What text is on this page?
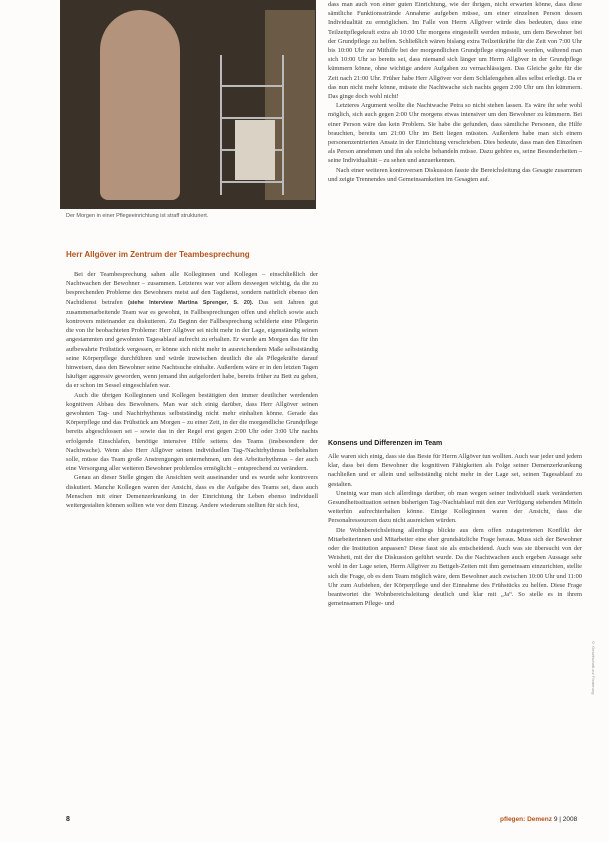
Der Morgen in einer Pflegeeinrichtung ist straff strukturiert.
Herr Allgöver im Zentrum der Teambesprechung

Bei der Teambesprechung sahen alle Kolleginnen und Kollegen – einschließlich der Nachtwachen der Bewohner – zusammen. Letzteres war vor allem deswegen wichtig, da die zu besprechenden Probleme des Bewohners meist auf den Tagdienst, sondern natürlich ebenso den Nachtdienst betrafen (siehe Interview Martina Sprenger, S. 20). Das seit Jahren gut zusammenarbeitende Team war es gewohnt, in Fallbesprechungen offen und ehrlich sowie auch kontrovers miteinander zu diskutieren. Zu Beginn der Fallbesprechung schilderte eine Pflegerin die von ihr beobachteten Probleme: Herr Allgöver sei nicht mehr in der Lage, eigenständig seinen angestammten und gewohnten Tagesablauf aufrecht zu erhalten. Er wurde am Morgen das für ihn aufbewahrte Frühstück vergessen, er könne sich nicht mehr in ausreichendem Maße selbstständig seine Körperpflege durchführen und würde inzwischen deutlich die als Pflegekräfte darauf hinweisen, dass den Bewohner seine Nachtsuche einhalte. Außerdem wäre er in den letzten Tagen häufiger aggressiv geworden, wenn jemand ihn aufgefordert habe, bereits früher zu Bett zu gehen, da er schon im Sessel eingeschlafen war.

Auch die übrigen Kolleginnen und Kollegen bestätigten den immer deutlicher werdenden kognitiven Abbau des Bewohners. Man war sich einig darüber, dass Herr Allgöver seinen gewohnten Tag- und Nachtrhythmus selbstständig nicht mehr einhalten könne. Gerade das Körperpflege und das Frühstück am Morgen – zu einer Zeit, in der die morgendliche Grundpflege bereits abgeschlossen sei – sowie das in der Regel erst gegen 2:00 Uhr oder 3:00 Uhr nachts erfolgende Einschlafen, benötige intensive Hilfe seitens des Teams (insbesondere der Nachtwache). Wenn also Herr Allgöver seinen individuellen Tag-/Nachtrhythmus beibehalten solle, müsse das Team große Anstrengungen unternehmen, um den Arbeitsrhythmus – der auch eine Versorgung aller weiteren Bewohner problemlos ermöglicht – entsprechend zu verändern.

Genau an dieser Stelle gingen die Ansichten weit auseinander und es wurde sehr kontrovers diskutiert. Manche Kollegen waren der Ansicht, dass es die Aufgabe des Teams sei, dass auch Menschen mit einer Demenzerkrankung in der Einrichtung ihr Leben ebenso individuell weitergestalten können sollten wie vor dem Einzug. Andere wiederum stellten für sich fest,

dass man auch von einer guten Einrichtung, wie der ihrigen, nicht erwarten könne, dass diese sämtliche Funktionsstrände Annahme aufgeben müsse, um einer einzelnen Person dessen Individualität zu ermöglichen. Im Falle von Herrn Allgöver würde dies bedeuten, dass eine Teilzeitpflegekraft extra ab 10:00 Uhr morgens eingestellt werden müsste, um dem Bewohner bei der Grundpflege zu helfen. Schließlich wären bislang extra Teilzeitkräfte für die Zeit von 7:00 Uhr bis 10:00 Uhr zur Mithilfe bei der morgendlichen Grundpflege eingestellt worden, während man sich 10:00 Uhr so bereits sei, dass niemand sich länger um Herrn Allgöver in der Grundpflege kümmern könne, ohne wichtige andere Aufgaben zu vernachlässigen. Das Gleiche gelte für die Zeit nach 21:00 Uhr. Früher habe Herr Allgöver vor dem Schlafengehen alles selbst erledigt. Da er das nun nicht mehr könne, müsste die Nachtwache sich nachts gegen 2:00 Uhr um ihn kümmern. Das ginge doch wohl nicht!

Letzteres Argument wollte die Nachtwache Petra so nicht stehen lassen. Es wäre ihr sehr wohl möglich, sich auch gegen 2:00 Uhr morgens etwas intensiver um den Bewohner zu kümmern. Bei einer Person wäre das kein Problem. Sie habe die gefunden, dass sämtliche Personen, die Hilfe brauchten, bereits um 21:00 Uhr im Bett liegen müssten. Außerdem habe man sich einem personenzentrierten Ansatz in der Einrichtung verschrieben. Dies bedeute, dass man den Einzelnen als Person annehmen und ihn als solche behandeln müsse. Dazu gehöre es, seine Besonderheiten – seine Individualität – zu sehen und anzuerkennen.

Nach einer weiteren kontroversen Diskussion fasste die Bereichsleitung das Gesagte zusammen und zeigte Trennendes und Gemeinsamkeiten im Gesagten auf.

Konsens und Differenzen im Team

Alle waren sich einig, dass sie das Beste für Herrn Allgöver tun wollten. Auch war jeder und jedem klar, dass bei dem Bewohner die kognitiven Fähigkeiten als Folge seiner Demenzerkrankung nachließen und er allein und selbstständig nicht mehr in der Lage sei, seinen Tagesablauf zu gestalten.

Uneinig war man sich allerdings darüber, ob man wegen seiner individuell stark veränderten Gesundheitssituation seinen bisherigen Tag-/Nachtablauf mit den zur Verfügung stehenden Mitteln weiterhin aufrechterhalten könne. Einige Kolleginnen waren der Ansicht, dass die Personalressourcen dazu nicht ausreichen würden.

Die Wohnbereichsleitung allerdings blickte aus dem offen zutagetretenen Konflikt der Mitarbeiterinnen und Mitarbeiter eine eher grundsätzliche Frage heraus. Muss sich der Bewohner oder die Institution anpassen? Diese fasst sie als entscheidend. Auch was sie übersucht von der Weisheit, mit der die Diskussion geführt wurde. Da die Nachtwachen auch ergeben Aussage sehr wohl in der Lage seien, Herrn Allgöver zu Bettgeh-Zeiten mit ihm gemeinsam einzurichten, stellte sich die Frage, ob es dem Team möglich wäre, dem Bewohner auch zwischen 10:00 Uhr und 11:00 Uhr zum Aufstehen, der Körperpflege und der Einnahme des Frühstücks zu helfen. Diese Frage beantwortet die Wohnbereichsleitung deutlich und klar mit „Ja“. So stelle es in ihrem gemeinsamen Pflege- und

© Gesellschaft zur Förderung
8	pflegen: Demenz 9 | 2008
